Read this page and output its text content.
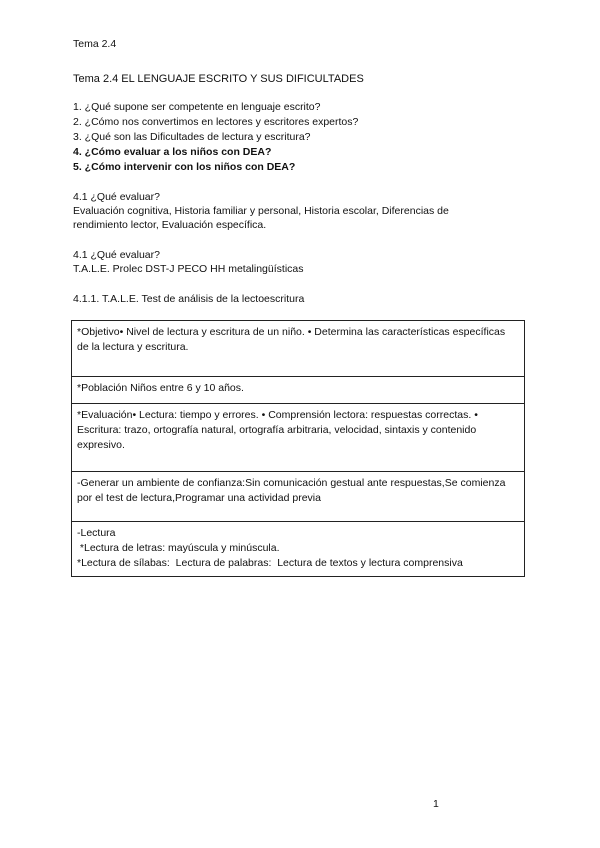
Tema 2.4
Tema 2.4 EL LENGUAJE ESCRITO Y SUS DIFICULTADES
1. ¿Qué supone ser competente en lenguaje escrito?
2. ¿Cómo nos convertimos en lectores y escritores expertos?
3. ¿Qué son las Dificultades de lectura y escritura?
4. ¿Cómo evaluar a los niños con DEA?
5. ¿Cómo intervenir con los niños con DEA?
4.1 ¿Qué evaluar?
Evaluación cognitiva, Historia familiar y personal, Historia escolar, Diferencias de rendimiento lector, Evaluación específica.
4.1 ¿Qué evaluar?
T.A.L.E. Prolec DST-J PECO HH metalingüísticas
4.1.1. T.A.L.E. Test de análisis de la lectoescritura
*Objetivo• Nivel de lectura y escritura de un niño. • Determina las características específicas de la lectura y escritura.
*Población Niños entre 6 y 10 años.
*Evaluación• Lectura: tiempo y errores. • Comprensión lectora: respuestas correctas. • Escritura: trazo, ortografía natural, ortografía arbitraria, velocidad, sintaxis y contenido expresivo.
-Generar un ambiente de confianza:Sin comunicación gestual ante respuestas,Se comienza por el test de lectura,Programar una actividad previa

-Lectura
*Lectura de letras: mayúscula y minúscula.
*Lectura de sílabas:  Lectura de palabras:  Lectura de textos y lectura comprensiva
1
